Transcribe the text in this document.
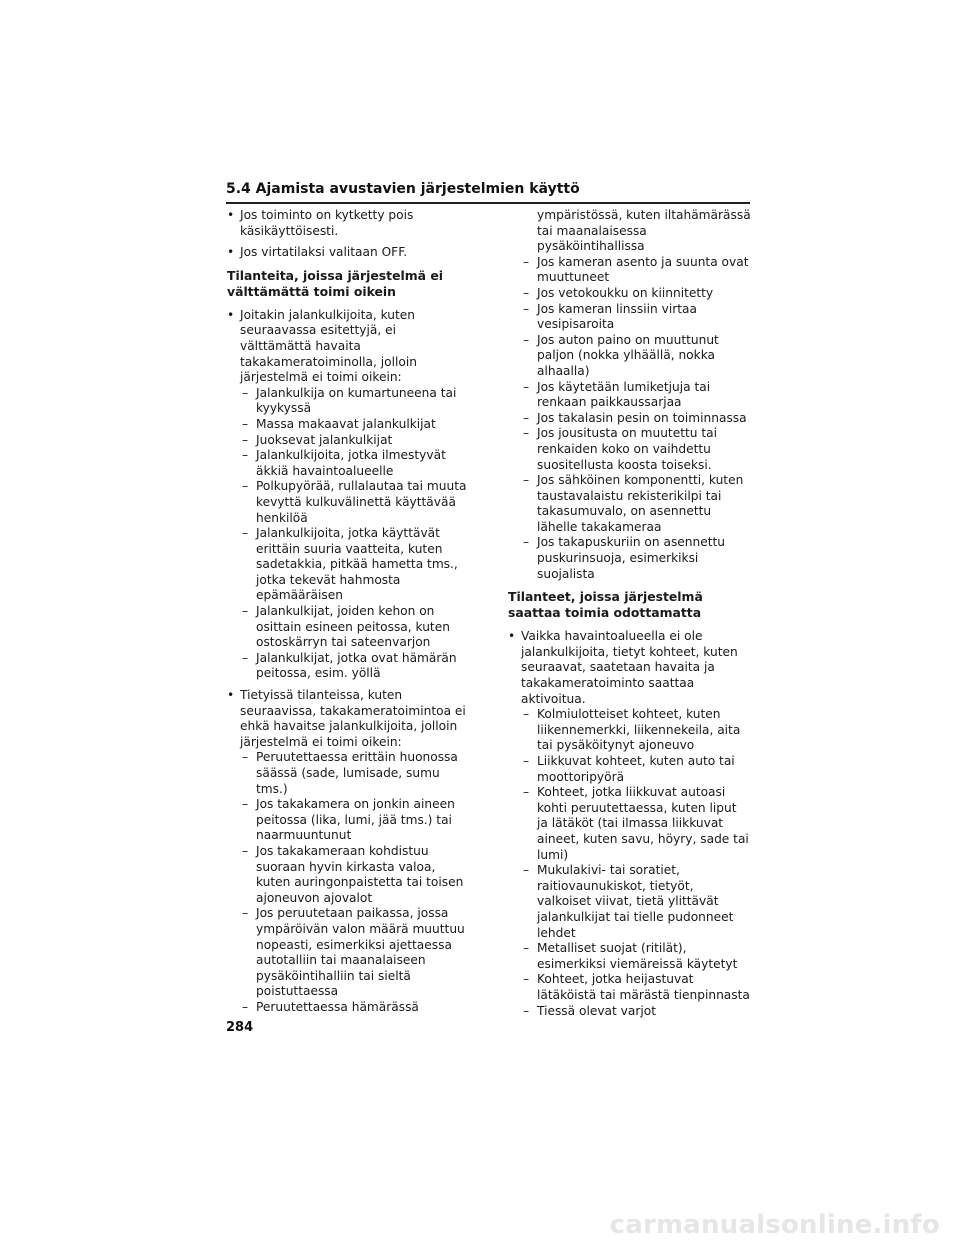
5.4 Ajamista avustavien järjestelmien käyttö
• Jos toiminto on kytketty pois käsikäyttöisesti.
• Jos virtatilaksi valitaan OFF.
Tilanteita, joissa järjestelmä ei välttämättä toimi oikein
• Joitakin jalankulkijoita, kuten seuraavassa esitettyjä, ei välttämättä havaita takakameratoiminolla, jolloin järjestelmä ei toimi oikein:
– Jalankulkija on kumartuneena tai kyykyssä
– Massa makaavat jalankulkijat
– Juoksevat jalankulkijat
– Jalankulkijoita, jotka ilmestyvät äkkiä havaintoalueelle
– Polkupyörää, rullalautaa tai muuta kevyttä kulkuvälinettä käyttävää henkilöä
– Jalankulkijoita, jotka käyttävät erittäin suuria vaatteita, kuten sadetakkia, pitkää hametta tms., jotka tekevät hahmosta epämääräisen
– Jalankulkijat, joiden kehon on osittain esineen peitossa, kuten ostoskärryn tai sateenvarjon
– Jalankulkijat, jotka ovat hämärän peitossa, esim. yöllä
• Tietyissä tilanteissa, kuten seuraavissa, takakameratoimintoa ei ehkä havaitse jalankulkijoita, jolloin järjestelmä ei toimi oikein:
– Peruutettaessa erittäin huonossa säässä (sade, lumisade, sumu tms.)
– Jos takakamera on jonkin aineen peitossa (lika, lumi, jää tms.) tai naarmuuntunut
– Jos takakameraan kohdistuu suoraan hyvin kirkasta valoa, kuten auringonpaistetta tai toisen ajoneuvon ajovalot
– Jos peruutetaan paikassa, jossa ympäröivän valon määrä muuttuu nopeasti, esimerkiksi ajettaessa autotalliin tai maanalaiseen pysäköintihalliin tai sieltä poistuttaessa
– Peruutettaessa hämärässä
ympäristössä, kuten iltahämärässä tai maanalaisessa pysäköintihallissa
– Jos kameran asento ja suunta ovat muuttuneet
– Jos vetokoukku on kiinnitetty
– Jos kameran linssiin virtaa vesipisaroita
– Jos auton paino on muuttunut paljon (nokka ylhäällä, nokka alhaalla)
– Jos käytetään lumiketjuja tai renkaan paikkaussarjaa
– Jos takalasin pesin on toiminnassa
– Jos jousitusta on muutettu tai renkaiden koko on vaihdettu suositellusta koosta toiseksi.
– Jos sähköinen komponentti, kuten taustavalaistu rekisterikilpi tai takasumuvalo, on asennettu lähelle takakameraa
– Jos takapuskuriin on asennettu puskurinsuoja, esimerkiksi suojalista
Tilanteet, joissa järjestelmä saattaa toimia odottamatta
• Vaikka havaintoalueella ei ole jalankulkijoita, tietyt kohteet, kuten seuraavat, saatetaan havaita ja takakameratoiminto saattaa aktivoitua.
– Kolmiulotteiset kohteet, kuten liikennemerkki, liikennekeila, aita tai pysäköitynyt ajoneuvo
– Liikkuvat kohteet, kuten auto tai moottoripyörä
– Kohteet, jotka liikkuvat autoasi kohti peruutettaessa, kuten liput ja lätäköt (tai ilmassa liikkuvat aineet, kuten savu, höyry, sade tai lumi)
– Mukulakivi- tai soratiet, raitiovaunukiskot, tietyöt, valkoiset viivat, tietä ylittävät jalankulkijat tai tielle pudonneet lehdet
– Metalliset suojat (ritilät), esimerkiksi viemäreissä käytetyt
– Kohteet, jotka heijastuvat lätäköistä tai märästä tienpinnasta
– Tiessä olevat varjot
284
carmanualsonline.info
